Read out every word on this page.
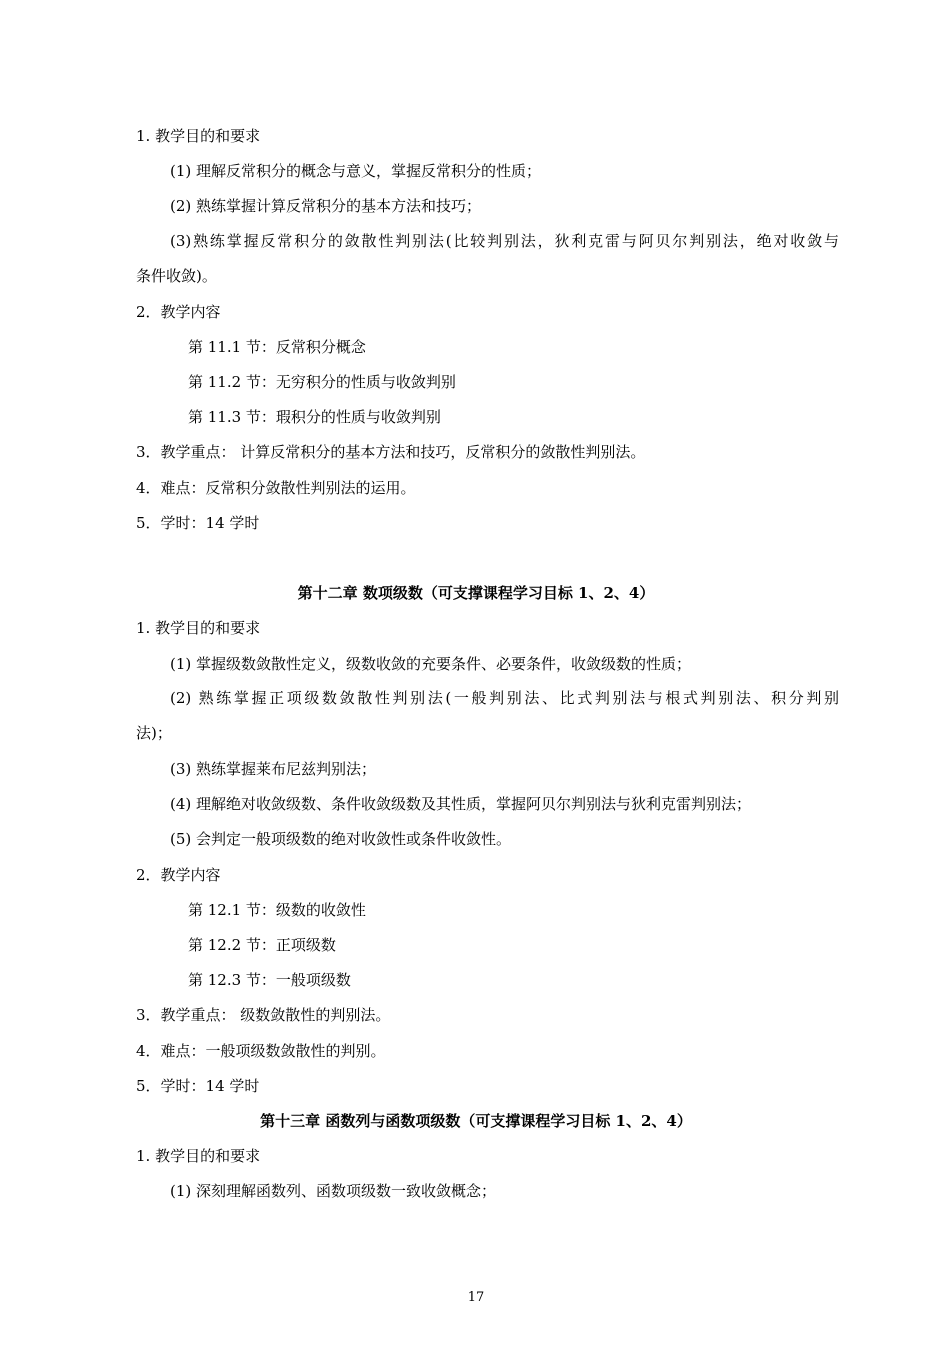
1. 教学目的和要求
(1) 理解反常积分的概念与意义，掌握反常积分的性质；
(2) 熟练掌握计算反常积分的基本方法和技巧；
(3)熟练掌握反常积分的敛散性判别法(比较判别法，狄利克雷与阿贝尔判别法，绝对收敛与
条件收敛)。
2．教学内容
第 11.1 节：反常积分概念
第 11.2 节：无穷积分的性质与收敛判别
第 11.3 节：瑕积分的性质与收敛判别
3．教学重点： 计算反常积分的基本方法和技巧，反常积分的敛散性判别法。
4．难点：反常积分敛散性判别法的运用。
5．学时：14 学时
第十二章 数项级数（可支撑课程学习目标 1、2、4）
1. 教学目的和要求
(1) 掌握级数敛散性定义，级数收敛的充要条件、必要条件，收敛级数的性质；
(2) 熟练掌握正项级数敛散性判别法(一般判别法、比式判别法与根式判别法、积分判别
法)；
(3) 熟练掌握莱布尼兹判别法；
(4) 理解绝对收敛级数、条件收敛级数及其性质，掌握阿贝尔判别法与狄利克雷判别法；
(5) 会判定一般项级数的绝对收敛性或条件收敛性。
2．教学内容
第 12.1 节：级数的收敛性
第 12.2 节：正项级数
第 12.3 节：一般项级数
3．教学重点： 级数敛散性的判别法。
4．难点：一般项级数敛散性的判别。
5．学时：14 学时
第十三章 函数列与函数项级数（可支撑课程学习目标 1、2、4）
1. 教学目的和要求
(1) 深刻理解函数列、函数项级数一致收敛概念；
17
